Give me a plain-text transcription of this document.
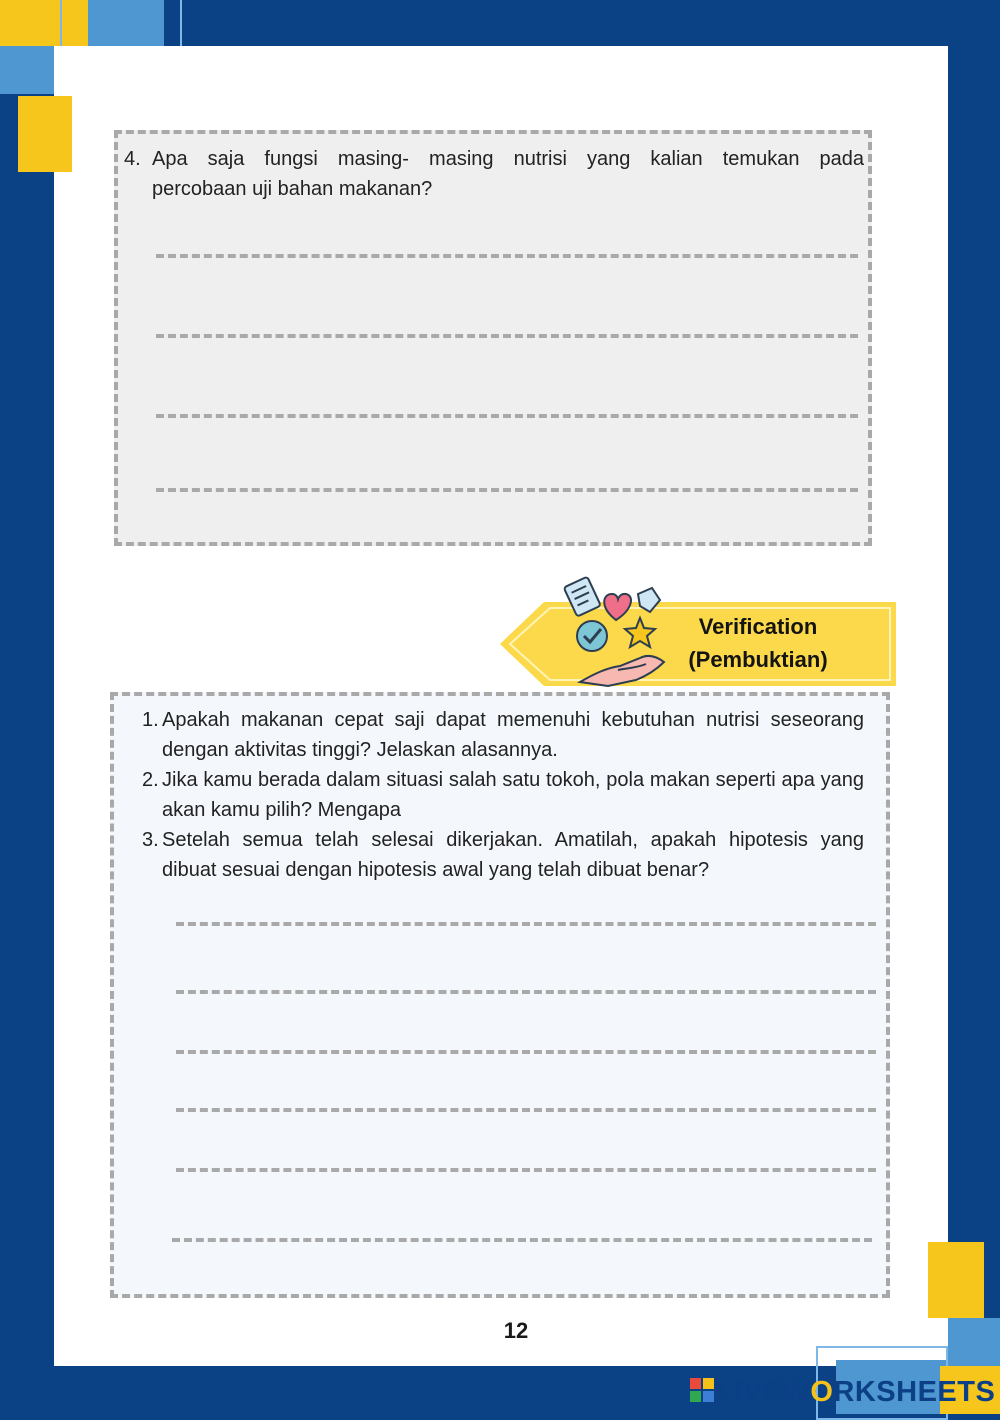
4. Apa saja fungsi masing- masing nutrisi yang kalian temukan pada
percobaan uji bahan makanan?
Verification
(Pembuktian)
1. Apakah makanan cepat saji dapat memenuhi kebutuhan nutrisi seseorang dengan aktivitas tinggi? Jelaskan alasannya.
2. Jika kamu berada dalam situasi salah satu tokoh, pola makan seperti apa yang akan kamu pilih? Mengapa
3. Setelah semua telah selesai dikerjakan. Amatilah, apakah hipotesis yang dibuat sesuai dengan hipotesis awal yang telah dibuat benar?
12
LIVEWORKSHEETS
